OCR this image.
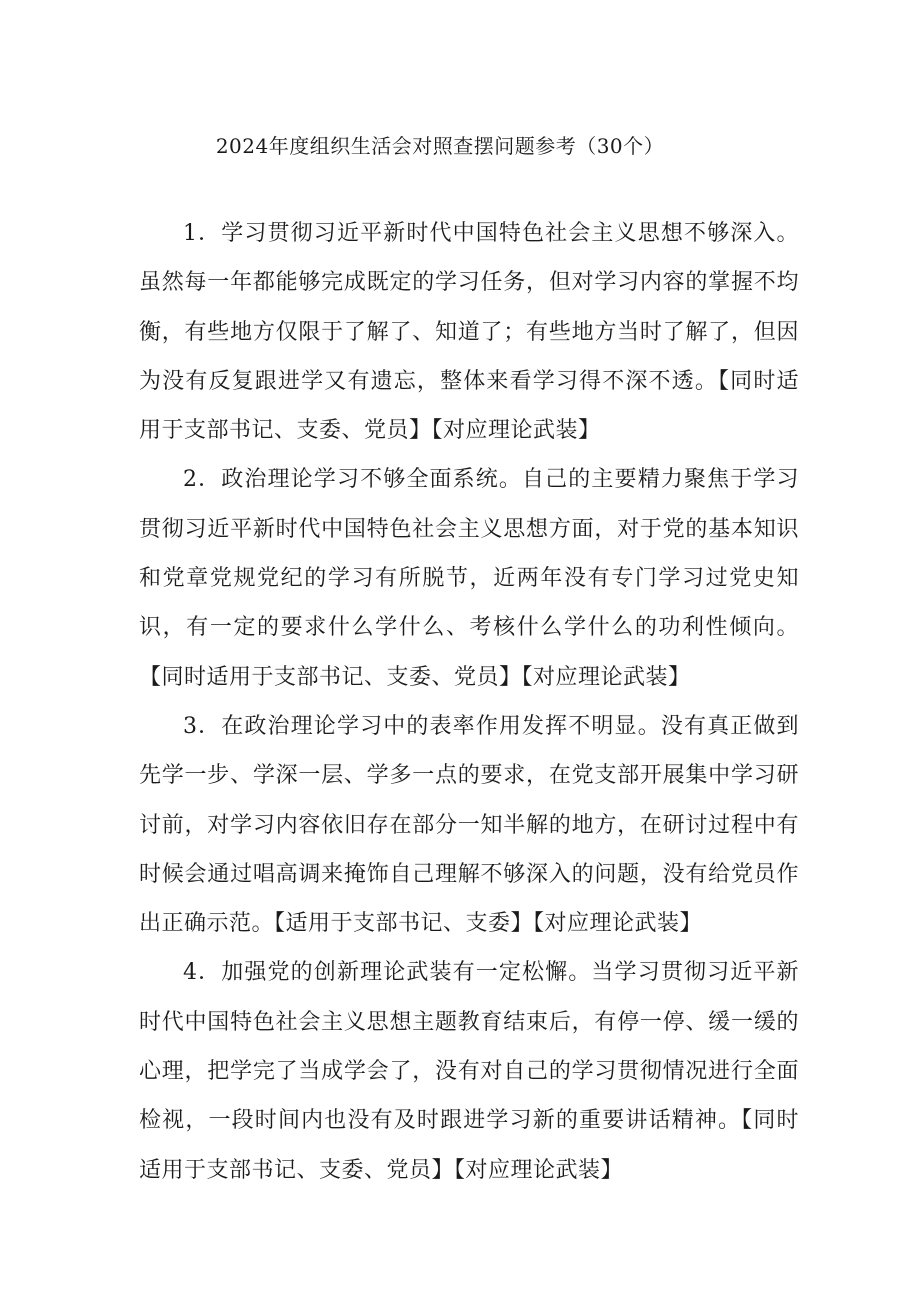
2024年度组织生活会对照查摆问题参考（30个）

1．学习贯彻习近平新时代中国特色社会主义思想不够深入。虽然每一年都能够完成既定的学习任务，但对学习内容的掌握不均衡，有些地方仅限于了解了、知道了；有些地方当时了解了，但因为没有反复跟进学又有遗忘，整体来看学习得不深不透。【同时适用于支部书记、支委、党员】【对应理论武装】

2．政治理论学习不够全面系统。自己的主要精力聚焦于学习贯彻习近平新时代中国特色社会主义思想方面，对于党的基本知识和党章党规党纪的学习有所脱节，近两年没有专门学习过党史知识，有一定的要求什么学什么、考核什么学什么的功利性倾向。【同时适用于支部书记、支委、党员】【对应理论武装】

3．在政治理论学习中的表率作用发挥不明显。没有真正做到先学一步、学深一层、学多一点的要求，在党支部开展集中学习研讨前，对学习内容依旧存在部分一知半解的地方，在研讨过程中有时候会通过唱高调来掩饰自己理解不够深入的问题，没有给党员作出正确示范。【适用于支部书记、支委】【对应理论武装】

4．加强党的创新理论武装有一定松懈。当学习贯彻习近平新时代中国特色社会主义思想主题教育结束后，有停一停、缓一缓的心理，把学完了当成学会了，没有对自己的学习贯彻情况进行全面检视，一段时间内也没有及时跟进学习新的重要讲话精神。【同时适用于支部书记、支委、党员】【对应理论武装】
